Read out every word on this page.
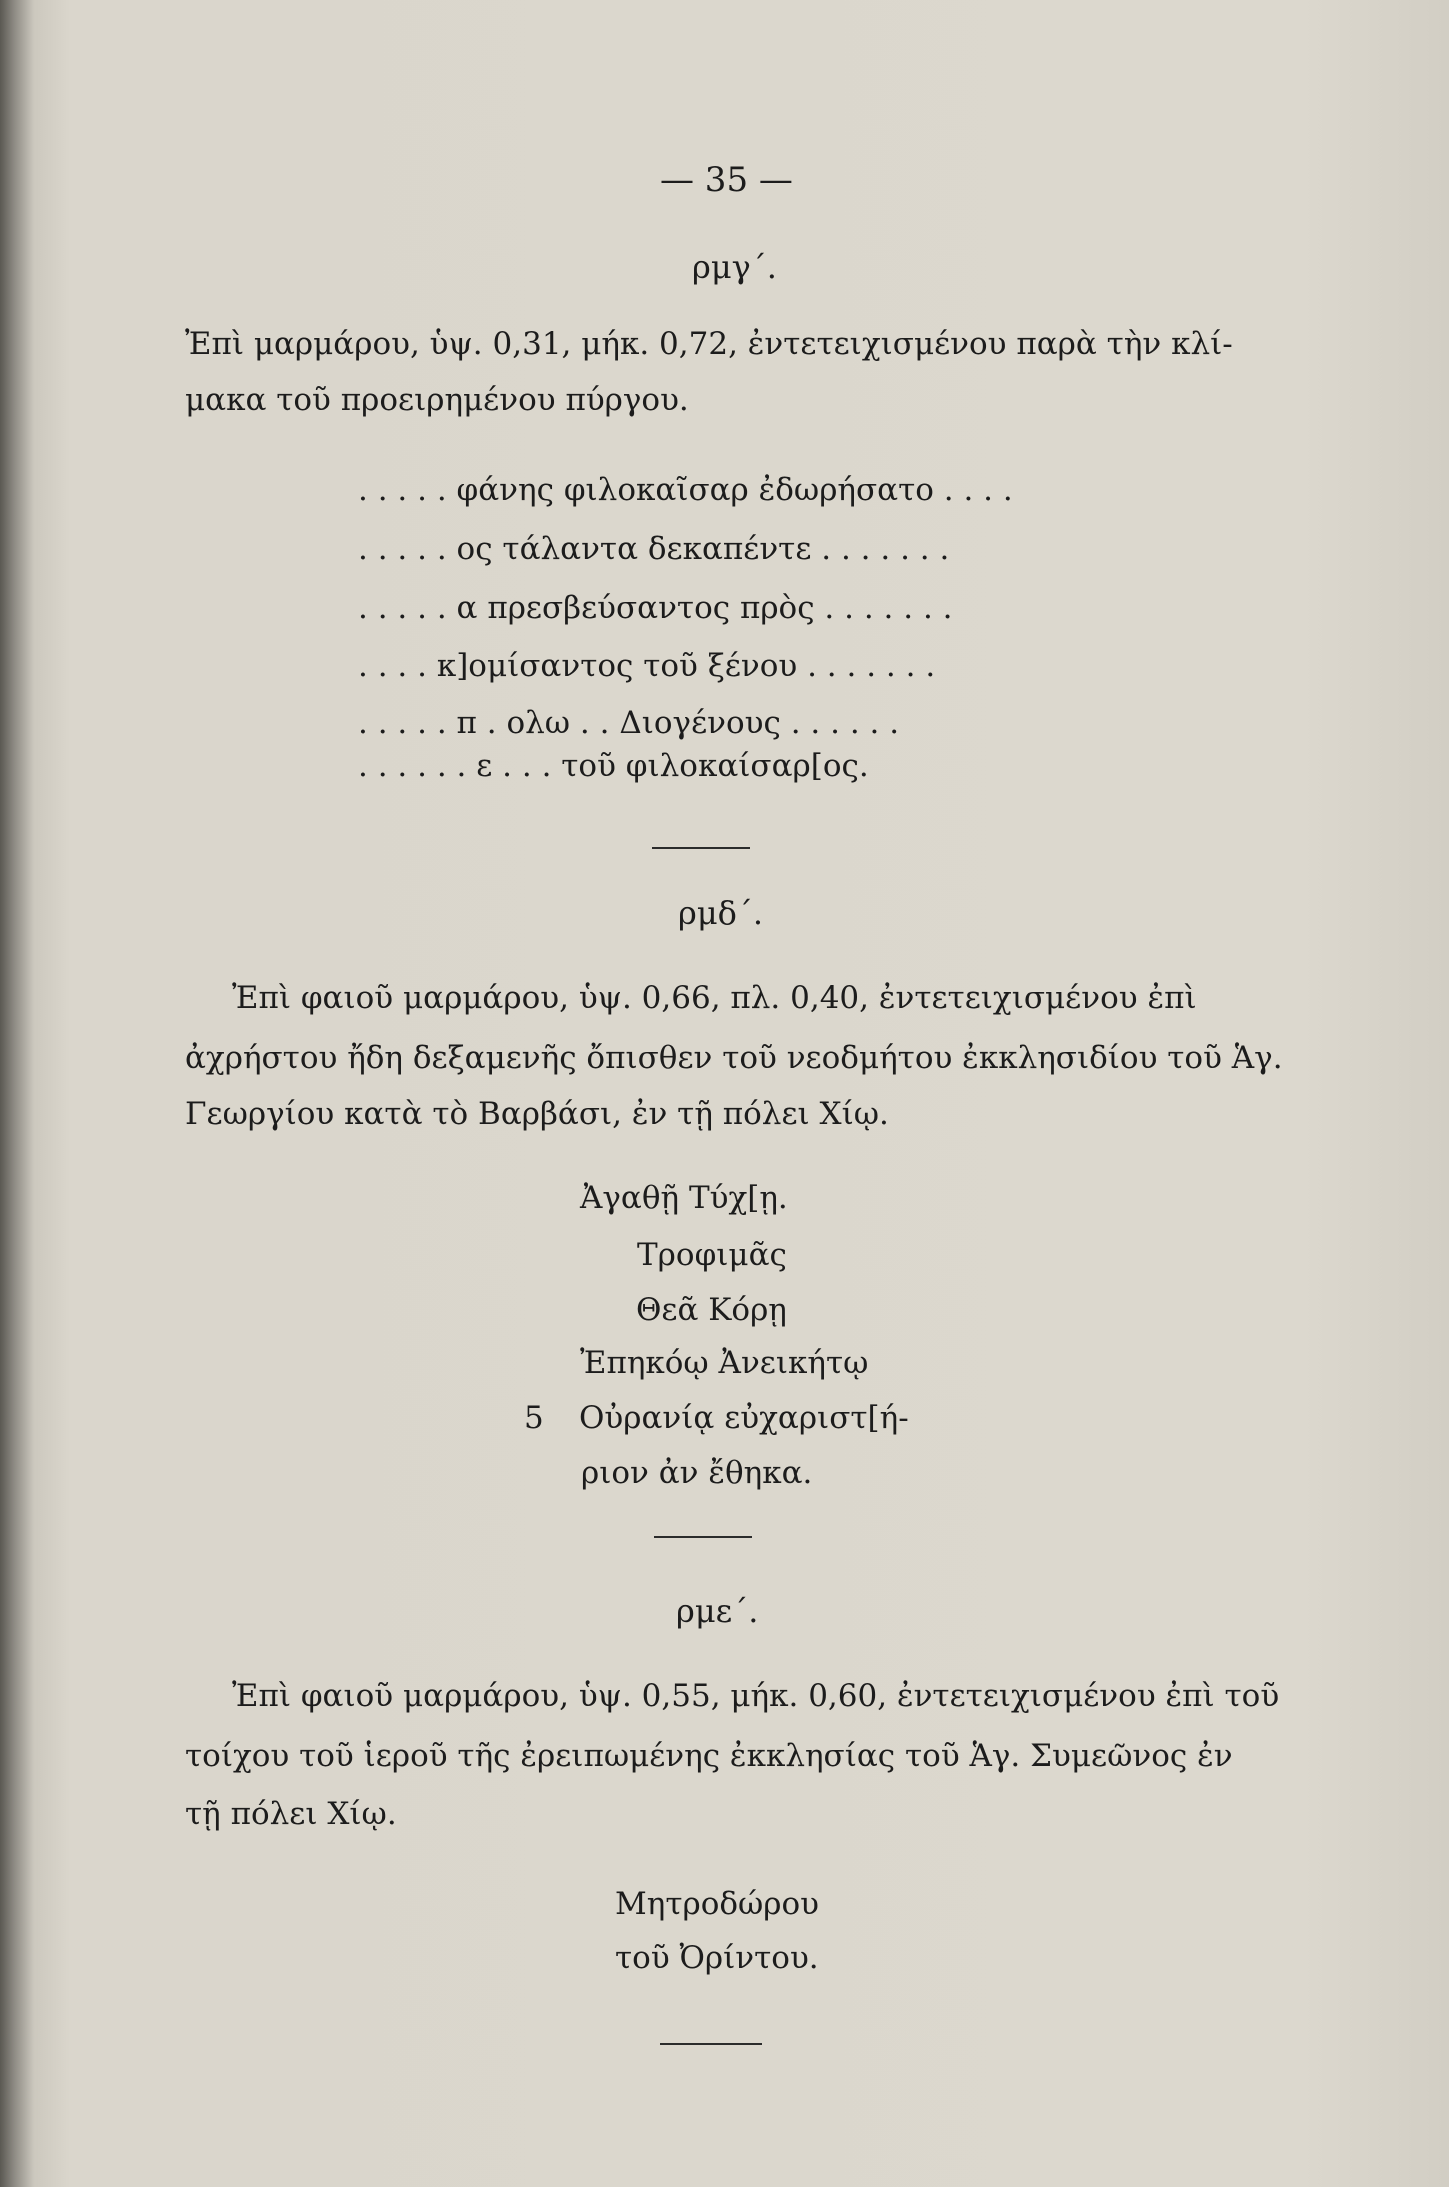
— 35 —
ρμγ΄.
Ἐπὶ μαρμάρου, ὑψ. 0,31, μήκ. 0,72, ἐντετειχισμένου παρὰ τὴν κλί-
μακα τοῦ προειρημένου πύργου.
. . . . . φάνης φιλοκαῖσαρ ἐδωρήσατο . . . .
. . . . . ος τάλαντα δεκαπέντε . . . . . . .
. . . . . α πρεσβεύσαντος πρὸς . . . . . . .
. . . . κ]ομίσαντος τοῦ ξένου . . . . . . .
. . . . . π . ολω . . Διογένους . . . . . .
. . . . . . ε . . . τοῦ φιλοκαίσαρ[ος.
ρμδ΄.
Ἐπὶ φαιοῦ μαρμάρου, ὑψ. 0,66, πλ. 0,40, ἐντετειχισμένου ἐπὶ
ἀχρήστου ἤδη δεξαμενῆς ὄπισθεν τοῦ νεοδμήτου ἐκκλησιδίου τοῦ Ἁγ.
Γεωργίου κατὰ τὸ Βαρβάσι, ἐν τῇ πόλει Χίῳ.
Ἀγαθῇ Τύχ[ῃ.
Τροφιμᾶς
Θεᾶ Κόρῃ
Ἐπηκόῳ Ἀνεικήτῳ
5 Οὐρανίᾳ εὐχαριστ[ή-
ριον ἀν ἔθηκα.
ρμε΄.
Ἐπὶ φαιοῦ μαρμάρου, ὑψ. 0,55, μήκ. 0,60, ἐντετειχισμένου ἐπὶ τοῦ
τοίχου τοῦ ἱεροῦ τῆς ἐρειπωμένης ἐκκλησίας τοῦ Ἁγ. Συμεῶνος ἐν
τῇ πόλει Χίῳ.
Μητροδώρου
τοῦ Ὀρίντου.
